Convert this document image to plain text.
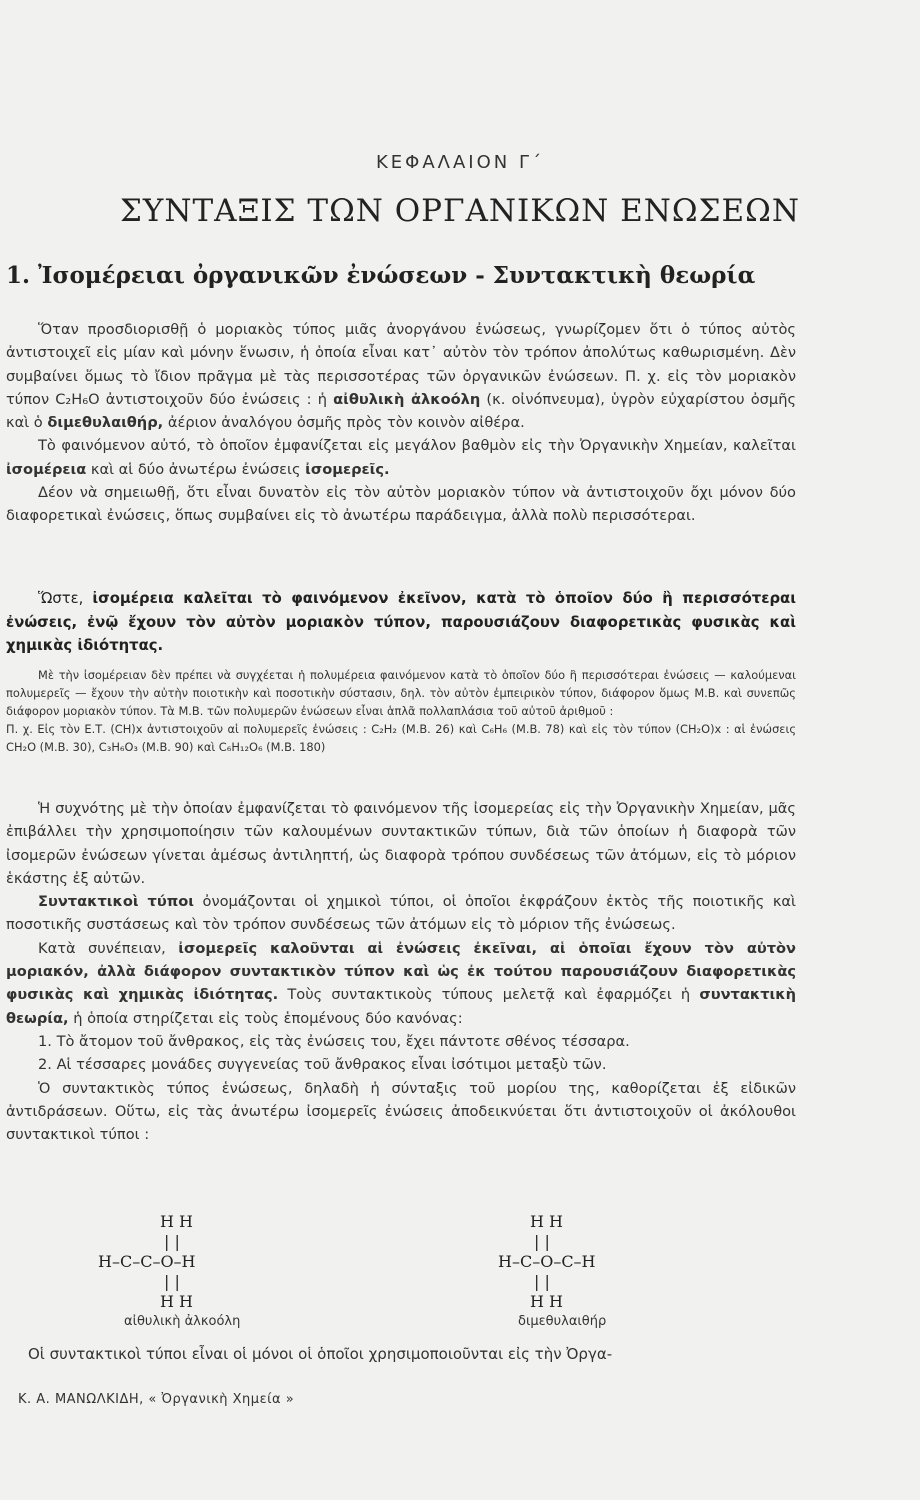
ΚΕΦΑΛΑΙΟΝ Γ΄
ΣΥΝΤΑΞΙΣ ΤΩΝ ΟΡΓΑΝΙΚΩΝ ΕΝΩΣΕΩΝ
1. Ἰσομέρειαι ὀργανικῶν ἐνώσεων - Συντακτικὴ θεωρία

Ὅταν προσδιορισθῇ ὁ μοριακὸς τύπος μιᾶς ἀνοργάνου ἐνώσεως, γνωρίζομεν ὅτι ὁ τύπος αὐτὸς ἀντιστοιχεῖ εἰς μίαν καὶ μόνην ἕνωσιν, ἡ ὁποία εἶναι κατ᾽ αὐτὸν τὸν τρόπον ἀπολύτως καθωρισμένη. Δὲν συμβαίνει ὅμως τὸ ἴδιον πρᾶγμα μὲ τὰς περισσοτέρας τῶν ὀργανικῶν ἐνώσεων. Π. χ. εἰς τὸν μοριακὸν τύπον C₂H₆O ἀντιστοιχοῦν δύο ἐνώσεις : ἡ αἰθυλικὴ ἀλκοόλη (κ. οἰνόπνευμα), ὑγρὸν εὐχαρίστου ὀσμῆς καὶ ὁ διμεθυλαιθήρ, ἀέριον ἀναλόγου ὀσμῆς πρὸς τὸν κοινὸν αἰθέρα.

Τὸ φαινόμενον αὐτό, τὸ ὁποῖον ἐμφανίζεται εἰς μεγάλον βαθμὸν εἰς τὴν Ὀργανικὴν Χημείαν, καλεῖται ἰσομέρεια καὶ αἱ δύο ἀνωτέρω ἐνώσεις ἰσομερεῖς.

Δέον νὰ σημειωθῇ, ὅτι εἶναι δυνατὸν εἰς τὸν αὐτὸν μοριακὸν τύπον νὰ ἀντιστοιχοῦν ὄχι μόνον δύο διαφορετικαὶ ἐνώσεις, ὅπως συμβαίνει εἰς τὸ ἀνωτέρω παράδειγμα, ἀλλὰ πολὺ περισσότεραι.

Ὥστε, ἰσομέρεια καλεῖται τὸ φαινόμενον ἐκεῖνον, κατὰ τὸ ὁποῖον δύο ἢ περισσότεραι ἐνώσεις, ἐνῷ ἔχουν τὸν αὐτὸν μοριακὸν τύπον, παρουσιάζουν διαφορετικὰς φυσικὰς καὶ χημικὰς ἰδιότητας.

Μὲ τὴν ἰσομέρειαν δὲν πρέπει νὰ συγχέεται ἡ πολυμέρεια φαινόμενον κατὰ τὸ ὁποῖον δύο ἢ περισσότεραι ἐνώσεις — καλούμεναι πολυμερεῖς — ἔχουν τὴν αὐτὴν ποιοτικὴν καὶ ποσοτικὴν σύστασιν, δηλ. τὸν αὐτὸν ἐμπειρικὸν τύπον, διάφορον ὅμως Μ.Β. καὶ συνεπῶς διάφορον μοριακὸν τύπον. Τὰ Μ.Β. τῶν πολυμερῶν ἐνώσεων εἶναι ἁπλᾶ πολλαπλάσια τοῦ αὐτοῦ ἀριθμοῦ :

Π. χ. Εἰς τὸν Ε.Τ. (CH)x ἀντιστοιχοῦν αἱ πολυμερεῖς ἐνώσεις : C₂H₂ (Μ.Β. 26) καὶ C₆H₆ (Μ.Β. 78) καὶ εἰς τὸν τύπον (CH₂O)x : αἱ ἐνώσεις CH₂O (Μ.Β. 30), C₃H₆O₃ (Μ.Β. 90) καὶ C₆H₁₂O₆ (Μ.Β. 180)

Ἡ συχνότης μὲ τὴν ὁποίαν ἐμφανίζεται τὸ φαινόμενον τῆς ἰσομερείας εἰς τὴν Ὀργανικὴν Χημείαν, μᾶς ἐπιβάλλει τὴν χρησιμοποίησιν τῶν καλουμένων συντακτικῶν τύπων, διὰ τῶν ὁποίων ἡ διαφορὰ τῶν ἰσομερῶν ἐνώσεων γίνεται ἀμέσως ἀντιληπτή, ὡς διαφορὰ τρόπου συνδέσεως τῶν ἀτόμων, εἰς τὸ μόριον ἑκάστης ἐξ αὐτῶν.

Συντακτικοὶ τύποι ὀνομάζονται οἱ χημικοὶ τύποι, οἱ ὁποῖοι ἐκφράζουν ἐκτὸς τῆς ποιοτικῆς καὶ ποσοτικῆς συστάσεως καὶ τὸν τρόπον συνδέσεως τῶν ἀτόμων εἰς τὸ μόριον τῆς ἐνώσεως.

Κατὰ συνέπειαν, ἰσομερεῖς καλοῦνται αἱ ἐνώσεις ἐκεῖναι, αἱ ὁποῖαι ἔχουν τὸν αὐτὸν μοριακόν, ἀλλὰ διάφορον συντακτικὸν τύπον καὶ ὡς ἐκ τούτου παρουσιάζουν διαφορετικὰς φυσικὰς καὶ χημικὰς ἰδιότητας. Τοὺς συντακτικοὺς τύπους μελετᾷ καὶ ἐφαρμόζει ἡ συντακτικὴ θεωρία, ἡ ὁποία στηρίζεται εἰς τοὺς ἑπομένους δύο κανόνας:

1. Τὸ ἄτομον τοῦ ἄνθρακος, εἰς τὰς ἐνώσεις του, ἔχει πάντοτε σθένος τέσσαρα.

2. Αἱ τέσσαρες μονάδες συγγενείας τοῦ ἄνθρακος εἶναι ἰσότιμοι μεταξὺ τῶν.

Ὁ συντακτικὸς τύπος ἑνώσεως, δηλαδὴ ἡ σύνταξις τοῦ μορίου της, καθορίζεται ἐξ εἰδικῶν ἀντιδράσεων. Οὕτω, εἰς τὰς ἀνωτέρω ἰσομερεῖς ἐνώσεις ἀποδεικνύεται ὅτι ἀντιστοιχοῦν οἱ ἀκόλουθοι συντακτικοὶ τύποι :

H H
| |
H–C–C–O–H
| |
H H
αἰθυλικὴ ἀλκοόλη
H H
| |
H–C–O–C–H
| |
H H
διμεθυλαιθήρ
Οἱ συντακτικοὶ τύποι εἶναι οἱ μόνοι οἱ ὁποῖοι χρησιμοποιοῦνται εἰς τὴν Ὀργα-
Κ. Α. ΜΑΝΩΛΚΙΔΗ, « Ὀργανικὴ Χημεία »
